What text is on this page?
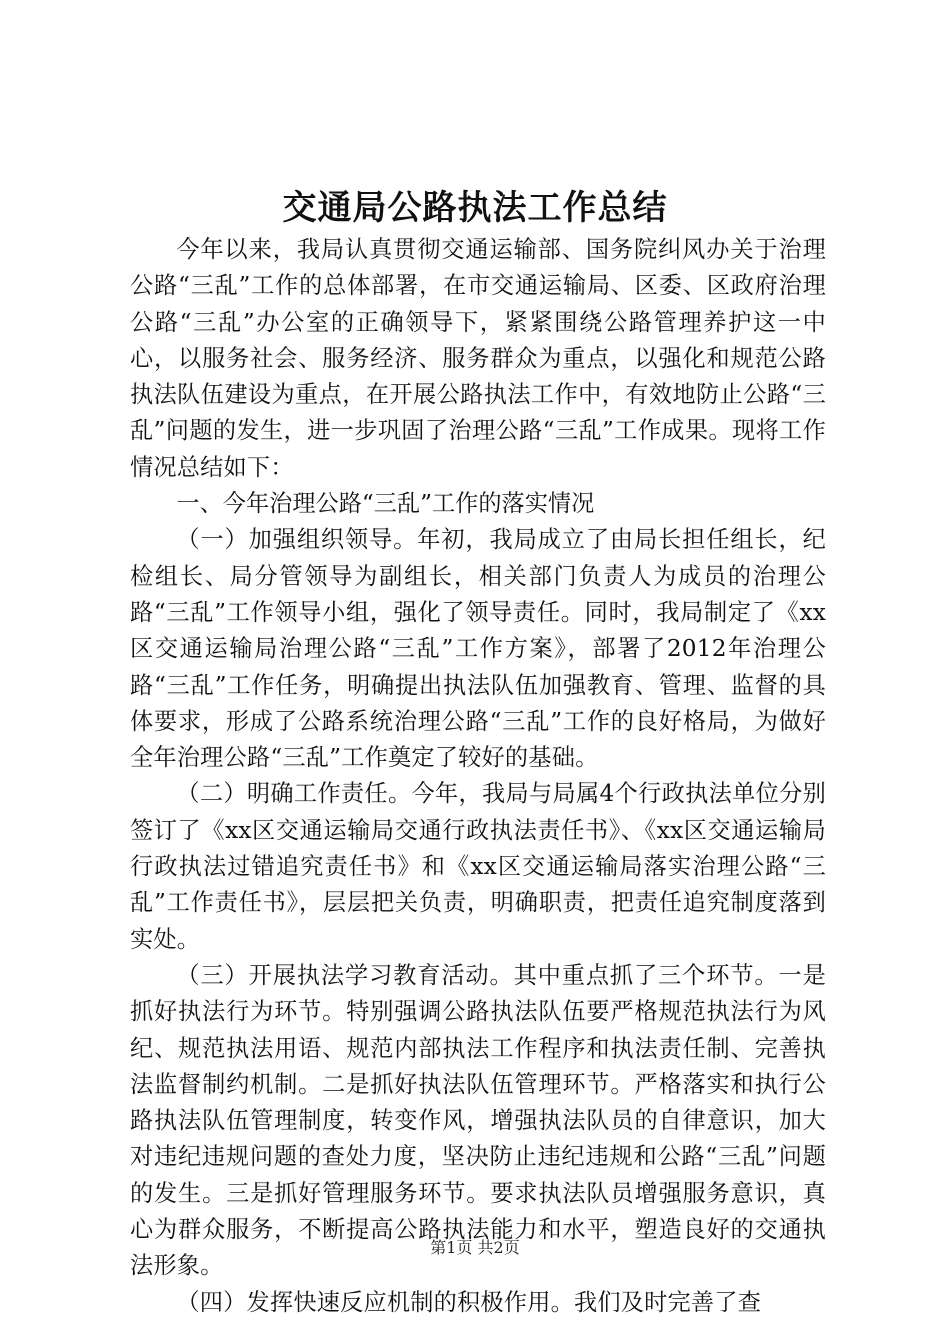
交通局公路执法工作总结

今年以来，我局认真贯彻交通运输部、国务院纠风办关于治理公路“三乱”工作的总体部署，在市交通运输局、区委、区政府治理公路“三乱”办公室的正确领导下，紧紧围绕公路管理养护这一中心，以服务社会、服务经济、服务群众为重点，以强化和规范公路执法队伍建设为重点，在开展公路执法工作中，有效地防止公路“三乱”问题的发生，进一步巩固了治理公路“三乱”工作成果。现将工作情况总结如下：

一、今年治理公路“三乱”工作的落实情况

（一）加强组织领导。年初，我局成立了由局长担任组长，纪检组长、局分管领导为副组长，相关部门负责人为成员的治理公路“三乱”工作领导小组，强化了领导责任。同时，我局制定了《xx区交通运输局治理公路“三乱”工作方案》，部署了2012年治理公路“三乱”工作任务，明确提出执法队伍加强教育、管理、监督的具体要求，形成了公路系统治理公路“三乱”工作的良好格局，为做好全年治理公路“三乱”工作奠定了较好的基础。

（二）明确工作责任。今年，我局与局属4个行政执法单位分别签订了《xx区交通运输局交通行政执法责任书》、《xx区交通运输局行政执法过错追究责任书》和《xx区交通运输局落实治理公路“三乱”工作责任书》，层层把关负责，明确职责，把责任追究制度落到实处。

（三）开展执法学习教育活动。其中重点抓了三个环节。一是抓好执法行为环节。特别强调公路执法队伍要严格规范执法行为风纪、规范执法用语、规范内部执法工作程序和执法责任制、完善执法监督制约机制。二是抓好执法队伍管理环节。严格落实和执行公路执法队伍管理制度，转变作风，增强执法队员的自律意识，加大对违纪违规问题的查处力度，坚决防止违纪违规和公路“三乱”问题的发生。三是抓好管理服务环节。要求执法队员增强服务意识，真心为群众服务，不断提高公路执法能力和水平，塑造良好的交通执法形象。

（四）发挥快速反应机制的积极作用。我们及时完善了查

第1页 共2页
